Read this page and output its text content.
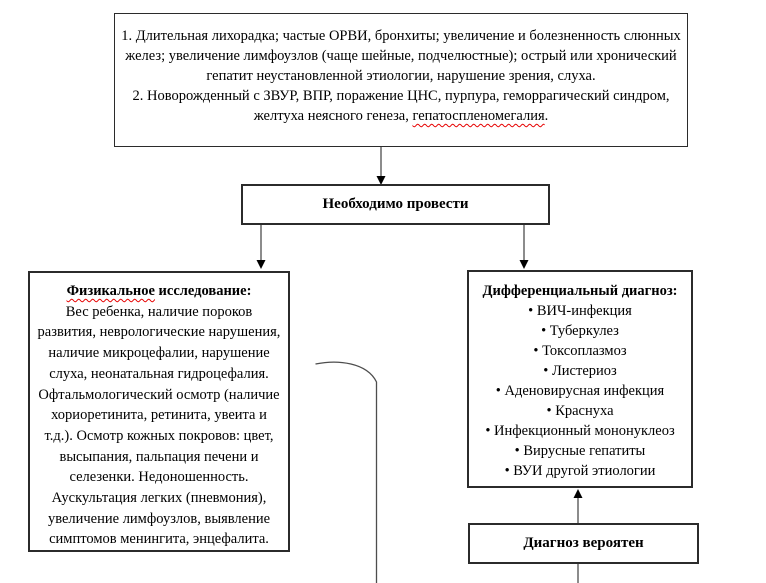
1. Длительная лихорадка; частые ОРВИ, бронхиты; увеличение и болезненность слюнных
желез; увеличение лимфоузлов (чаще шейные, подчелюстные); острый или хронический
гепатит неустановленной этиологии, нарушение зрения, слуха.
2. Новорожденный с ЗВУР, ВПР, поражение ЦНС, пурпура, геморрагический синдром,
желтуха неясного генеза, гепатоспленомегалия.
Необходимо провести
Физикальное исследование:
Вес ребенка, наличие пороков
развития, неврологические нарушения,
наличие микроцефалии, нарушение
слуха, неонатальная гидроцефалия.
Офтальмологический осмотр (наличие
хориоретинита, ретинита, увеита и
т.д.). Осмотр кожных покровов: цвет,
высыпания, пальпация печени и
селезенки. Недоношенность.
Аускультация легких (пневмония),
увеличение лимфоузлов, выявление
симптомов менингита, энцефалита.
Дифференциальный диагноз:
• ВИЧ-инфекция
• Туберкулез
• Токсоплазмоз
• Листериоз
• Аденовирусная инфекция
• Краснуха
• Инфекционный мононуклеоз
• Вирусные гепатиты
• ВУИ другой этиологии
Диагноз вероятен
